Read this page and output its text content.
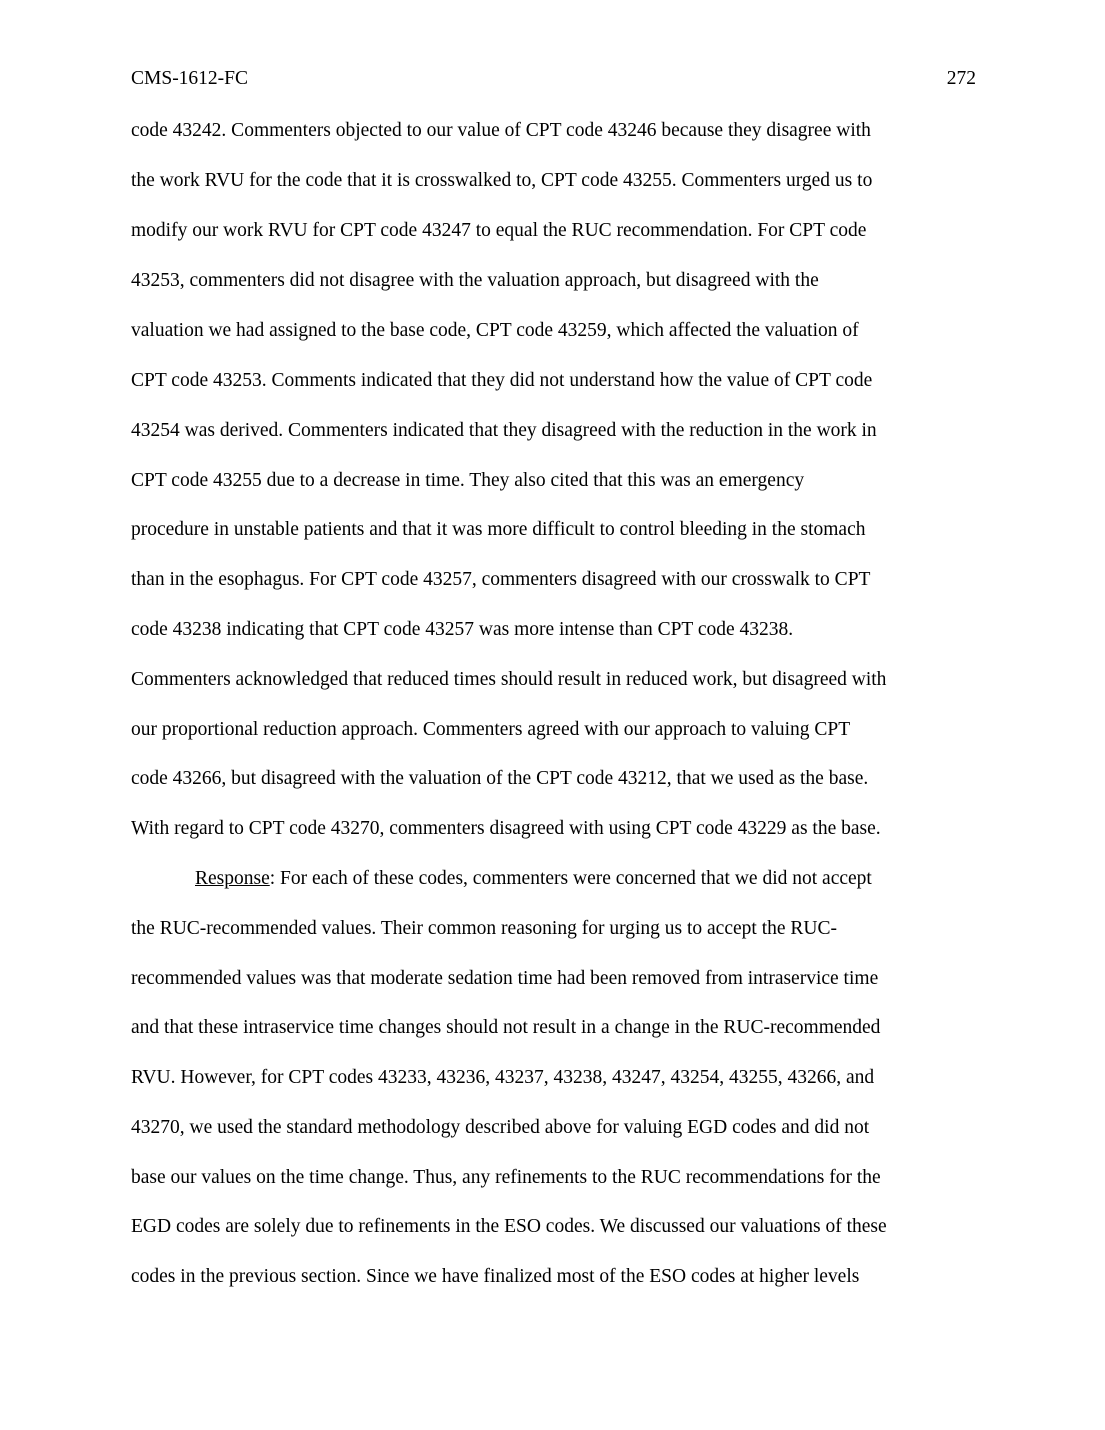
CMS-1612-FC	272
code 43242. Commenters objected to our value of CPT code 43246 because they disagree with
the work RVU for the code that it is crosswalked to, CPT code 43255. Commenters urged us to
modify our work RVU for CPT code 43247 to equal the RUC recommendation. For CPT code
43253, commenters did not disagree with the valuation approach, but disagreed with the
valuation we had assigned to the base code, CPT code 43259, which affected the valuation of
CPT code 43253. Comments indicated that they did not understand how the value of CPT code
43254 was derived. Commenters indicated that they disagreed with the reduction in the work in
CPT code 43255 due to a decrease in time. They also cited that this was an emergency
procedure in unstable patients and that it was more difficult to control bleeding in the stomach
than in the esophagus. For CPT code 43257, commenters disagreed with our crosswalk to CPT
code 43238 indicating that CPT code 43257 was more intense than CPT code 43238.
Commenters acknowledged that reduced times should result in reduced work, but disagreed with
our proportional reduction approach. Commenters agreed with our approach to valuing CPT
code 43266, but disagreed with the valuation of the CPT code 43212, that we used as the base.
With regard to CPT code 43270, commenters disagreed with using CPT code 43229 as the base.
Response: For each of these codes, commenters were concerned that we did not accept
the RUC-recommended values. Their common reasoning for urging us to accept the RUC-
recommended values was that moderate sedation time had been removed from intraservice time
and that these intraservice time changes should not result in a change in the RUC-recommended
RVU. However, for CPT codes 43233, 43236, 43237, 43238, 43247, 43254, 43255, 43266, and
43270, we used the standard methodology described above for valuing EGD codes and did not
base our values on the time change. Thus, any refinements to the RUC recommendations for the
EGD codes are solely due to refinements in the ESO codes. We discussed our valuations of these
codes in the previous section. Since we have finalized most of the ESO codes at higher levels
